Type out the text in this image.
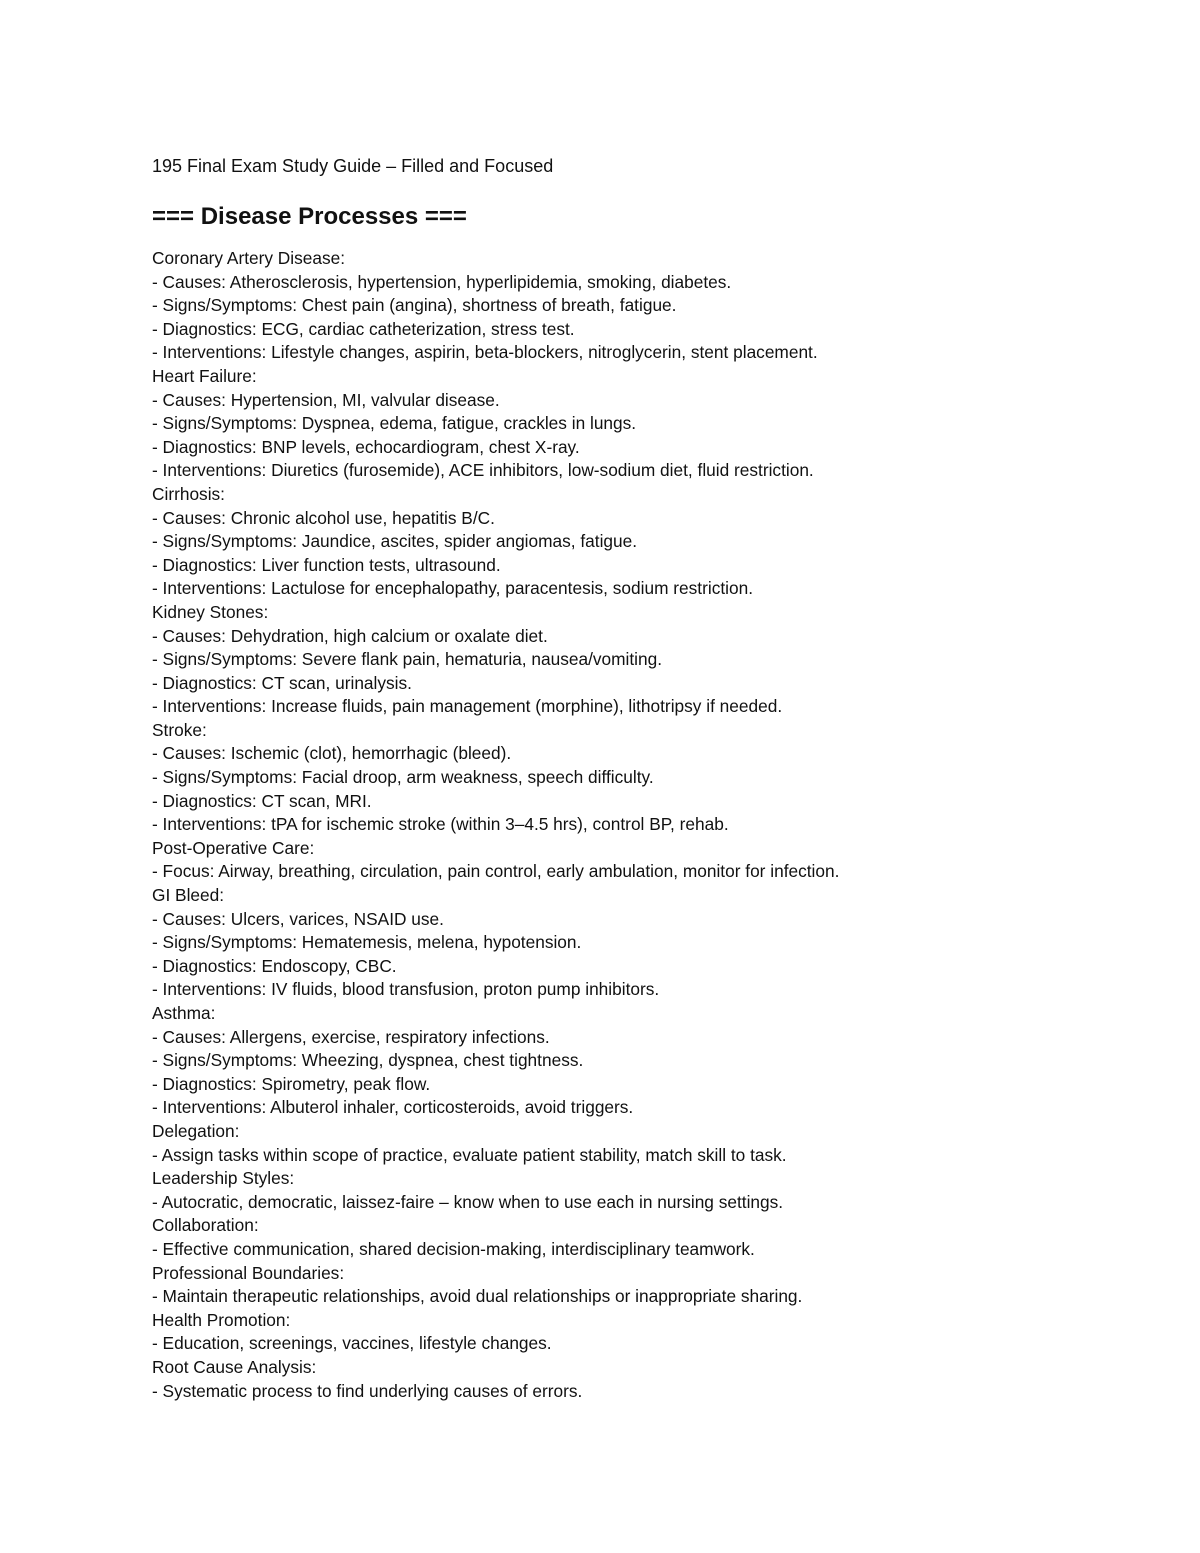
195 Final Exam Study Guide – Filled and Focused

=== Disease Processes ===

Coronary Artery Disease:
- Causes: Atherosclerosis, hypertension, hyperlipidemia, smoking, diabetes.
- Signs/Symptoms: Chest pain (angina), shortness of breath, fatigue.
- Diagnostics: ECG, cardiac catheterization, stress test.
- Interventions: Lifestyle changes, aspirin, beta-blockers, nitroglycerin, stent placement.
Heart Failure:
- Causes: Hypertension, MI, valvular disease.
- Signs/Symptoms: Dyspnea, edema, fatigue, crackles in lungs.
- Diagnostics: BNP levels, echocardiogram, chest X-ray.
- Interventions: Diuretics (furosemide), ACE inhibitors, low-sodium diet, fluid restriction.
Cirrhosis:
- Causes: Chronic alcohol use, hepatitis B/C.
- Signs/Symptoms: Jaundice, ascites, spider angiomas, fatigue.
- Diagnostics: Liver function tests, ultrasound.
- Interventions: Lactulose for encephalopathy, paracentesis, sodium restriction.
Kidney Stones:
- Causes: Dehydration, high calcium or oxalate diet.
- Signs/Symptoms: Severe flank pain, hematuria, nausea/vomiting.
- Diagnostics: CT scan, urinalysis.
- Interventions: Increase fluids, pain management (morphine), lithotripsy if needed.
Stroke:
- Causes: Ischemic (clot), hemorrhagic (bleed).
- Signs/Symptoms: Facial droop, arm weakness, speech difficulty.
- Diagnostics: CT scan, MRI.
- Interventions: tPA for ischemic stroke (within 3–4.5 hrs), control BP, rehab.
Post-Operative Care:
- Focus: Airway, breathing, circulation, pain control, early ambulation, monitor for infection.
GI Bleed:
- Causes: Ulcers, varices, NSAID use.
- Signs/Symptoms: Hematemesis, melena, hypotension.
- Diagnostics: Endoscopy, CBC.
- Interventions: IV fluids, blood transfusion, proton pump inhibitors.
Asthma:
- Causes: Allergens, exercise, respiratory infections.
- Signs/Symptoms: Wheezing, dyspnea, chest tightness.
- Diagnostics: Spirometry, peak flow.
- Interventions: Albuterol inhaler, corticosteroids, avoid triggers.
Delegation:
- Assign tasks within scope of practice, evaluate patient stability, match skill to task.
Leadership Styles:
- Autocratic, democratic, laissez-faire – know when to use each in nursing settings.
Collaboration:
- Effective communication, shared decision-making, interdisciplinary teamwork.
Professional Boundaries:
- Maintain therapeutic relationships, avoid dual relationships or inappropriate sharing.
Health Promotion:
- Education, screenings, vaccines, lifestyle changes.
Root Cause Analysis:
- Systematic process to find underlying causes of errors.
